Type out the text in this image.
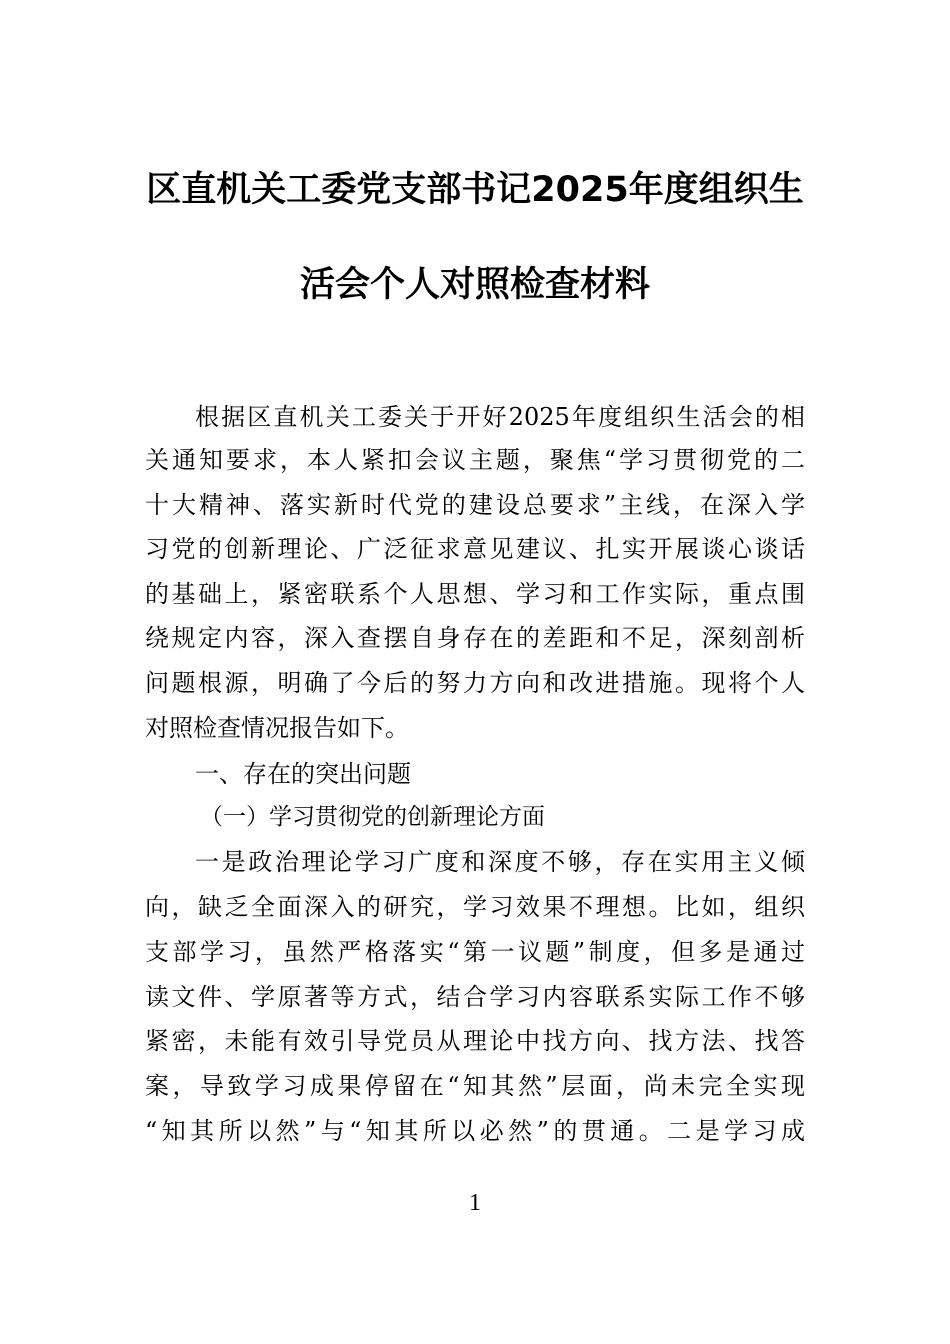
区直机关工委党支部书记2025年度组织生
活会个人对照检查材料
根据区直机关工委关于开好2025年度组织生活会的相
关通知要求，本人紧扣会议主题，聚焦“学习贯彻党的二
十大精神、落实新时代党的建设总要求”主线，在深入学
习党的创新理论、广泛征求意见建议、扎实开展谈心谈话
的基础上，紧密联系个人思想、学习和工作实际，重点围
绕规定内容，深入查摆自身存在的差距和不足，深刻剖析
问题根源，明确了今后的努力方向和改进措施。现将个人
对照检查情况报告如下。
一、存在的突出问题
（一）学习贯彻党的创新理论方面
一是政治理论学习广度和深度不够，存在实用主义倾
向，缺乏全面深入的研究，学习效果不理想。比如，组织
支部学习，虽然严格落实“第一议题”制度，但多是通过
读文件、学原著等方式，结合学习内容联系实际工作不够
紧密，未能有效引导党员从理论中找方向、找方法、找答
案，导致学习成果停留在“知其然”层面，尚未完全实现
“知其所以然”与“知其所以必然”的贯通。二是学习成
1
